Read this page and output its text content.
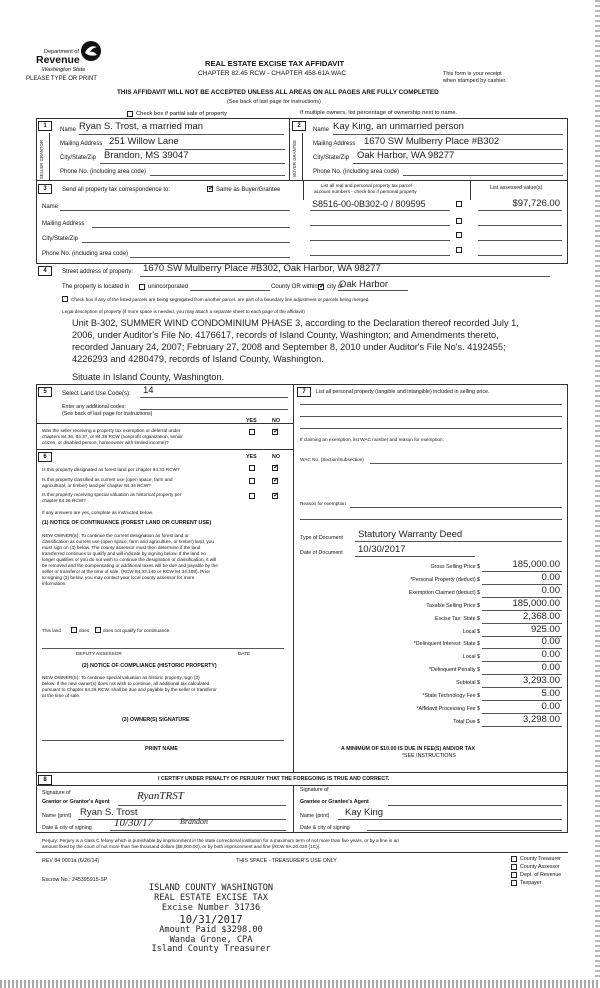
Department of
Revenue
Washington State
PLEASE TYPE OR PRINT
REAL ESTATE EXCISE TAX AFFIDAVIT
CHAPTER 82.45 RCW - CHAPTER 458-61A WAC	This form is your receipt
when stamped by cashier.
THIS AFFIDAVIT WILL NOT BE ACCEPTED UNLESS ALL AREAS ON ALL PAGES ARE FULLY COMPLETED
(See back of last page for instructions)
Check box if partial sale of property	If multiple owners, list percentage of ownership next to name.
1
SELLER GRANTOR
Name Ryan S. Trost, a married man
Mailing Address 251 Willow Lane
City/State/Zip Brandon, MS 39047
Phone No. (including area code)
2
BUYER GRANTEE
Name Kay King, an unmarried person
Mailing Address 1670 SW Mulberry Place #B302
City/State/Zip Oak Harbor, WA 98277
Phone No. (including area code)
3	Send all property tax correspondence to: ✓	Same as Buyer/Grantee
List all real and personal property tax parcel
account numbers - check box if personal property
List assessed value(s)
Name
Mailing Address
City/State/Zip
Phone No. (including area code)
S8516-00-0B302-0 / 809595	$97,726.00
4	Street address of property: 1670 SW Mulberry Place #B302, Oak Harbor, WA 98277
The property is located in	unincorporated	County OR within ✓ city of
Oak Harbor
Check box if any of the listed parcels are being segregated from another parcel, are part of a boundary line adjustment or parcels being merged.
Legal description of property (if more space is needed, you may attach a separate sheet to each page of the affidavit)
Unit B-302, SUMMER WIND CONDOMINIUM PHASE 3, according to the Declaration thereof recorded July 1,
2006, under Auditor's File No. 4176617, records of Island County, Washington; and Amendments thereto,
recorded January 24, 2007; February 27, 2008 and September 8, 2010 under Auditor's File No's. 4192455;
4226293 and 4280479, records of Island County, Washington.
Situate in Island County, Washington.
5	Select Land Use Code(s): 14
Enter any additional codes:
(See back of last page for instructions)
YES	NO
Was the seller receiving a property tax exemption or deferral under
chapters 84.36, 84.37, or 84.38 RCW (nonprofit organization, senior
citizen, or disabled person, homeowner with limited income)?
✓
6	YES	NO
Is this property designated as forest land per chapter 84.33 RCW?
✓
Is this property classified as current use (open space, farm and
agricultural, or timber) land per chapter 84.34 RCW?
✓
Is this property receiving special valuation as historical property per
chapter 84.26 RCW?
✓
If any answers are yes, complete as instructed below.
(1) NOTICE OF CONTINUANCE (FOREST LAND OR CURRENT USE)
NEW OWNER(S): To continue the current designation as forest land or
classification as current use (open space, farm and agriculture, or timber) land, you
must sign on (3) below. The county assessor must then determine if the land
transferred continues to qualify and will indicate by signing below. If the land no
longer qualifies or you do not wish to continue the designation or classification, it will
be removed and the compensating or additional taxes will be due and payable by the
seller or transferor at the time of sale. (RCW 84.33.140 or RCW 84.34.108). Prior
to signing (3) below, you may contact your local county assessor for more
information.
This land	does	does not qualify for continuance.
DEPUTY ASSESSOR	DATE
(2) NOTICE OF COMPLIANCE (HISTORIC PROPERTY)
NEW OWNER(S): To continue special valuation as historic property, sign (3)
below. If the new owner(s) does not wish to continue, all additional tax calculated
pursuant to Chapter 84.26 RCW, shall be due and payable by the seller or transferor
at the time of sale.
(3) OWNER(S) SIGNATURE
PRINT NAME
7	List all personal property (tangible and intangible) included in selling price.
If claiming an exemption, list WAC number and reason for exemption:
WAC No. (Section/Subsection)
Reason for exemption
Type of Document Statutory Warranty Deed
Date of Document 10/30/2017
Gross Selling Price $	185,000.00
*Personal Property (deduct) $	0.00
Exemption Claimed (deduct) $	0.00
Taxable Selling Price $	185,000.00
Excise Tax: State $	2,368.00
Local $	925.00
*Delinquent Interest: State $	0.00
Local $	0.00
*Delinquent Penalty $	0.00
Subtotal $	3,293.00
*State Technology Fee $	5.00
*Affidavit Processing Fee $	0.00
Total Due $	3,298.00
A MINIMUM OF $10.00 IS DUE IN FEE(S) AND/OR TAX
*SEE INSTRUCTIONS
8	I CERTIFY UNDER PENALTY OF PERJURY THAT THE FOREGOING IS TRUE AND CORRECT.
Signature of
Grantor or Grantor's Agent RyanTRST
Name (print) Ryan S. Trost
Date & city of signing 10/30/17	Brandon
Signature of
Grantee or Grantee's Agent
Name (print) Kay King
Date & city of signing
Perjury: Perjury is a class C felony which is punishable by imprisonment in the state correctional institution for a maximum term of not more than five years, or by a fine in an
amount fixed by the court of not more than five thousand dollars ($5,000.00), or by both imprisonment and fine (RCW 9A.20.020 (1C)).
REV 84 0001a (6/26/14)	THIS SPACE - TREASURER'S USE ONLY	County Treasurer
County Assessor
Dept. of Revenue
Taxpayer
Escrow No.: 245395915-SP
ISLAND COUNTY WASHINGTON
REAL ESTATE EXCISE TAX
Excise Number 31736
10/31/2017
Amount Paid $3298.00
Wanda Grone, CPA
Island County Treasurer
